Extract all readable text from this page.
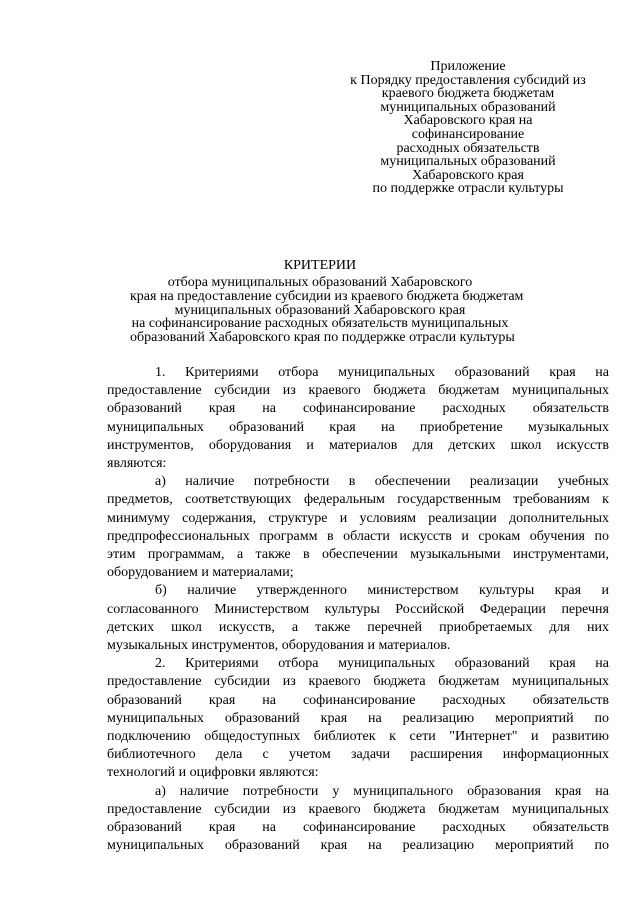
Приложение
к Порядку предоставления субсидий из
краевого бюджета бюджетам
муниципальных образований
Хабаровского края на
софинансирование
расходных обязательств
муниципальных образований
Хабаровского края
по поддержке отрасли культуры
КРИТЕРИИ
отбора муниципальных образований Хабаровского
края на предоставление субсидии из краевого бюджета бюджетам
муниципальных образований Хабаровского края
на софинансирование расходных обязательств муниципальных
образований Хабаровского края по поддержке отрасли культуры

1. Критериями отбора муниципальных образований края на

предоставление субсидии из краевого бюджета бюджетам муниципальных

образований края на софинансирование расходных обязательств

муниципальных образований края на приобретение музыкальных

инструментов, оборудования и материалов для детских школ искусств

являются:

а) наличие потребности в обеспечении реализации учебных

предметов, соответствующих федеральным государственным требованиям к

минимуму содержания, структуре и условиям реализации дополнительных

предпрофессиональных программ в области искусств и срокам обучения по

этим программам, а также в обеспечении музыкальными инструментами,

оборудованием и материалами;

б) наличие утвержденного министерством культуры края и

согласованного Министерством культуры Российской Федерации перечня

детских школ искусств, а также перечней приобретаемых для них

музыкальных инструментов, оборудования и материалов.

2. Критериями отбора муниципальных образований края на

предоставление субсидии из краевого бюджета бюджетам муниципальных

образований края на софинансирование расходных обязательств

муниципальных образований края на реализацию мероприятий по

подключению общедоступных библиотек к сети "Интернет" и развитию

библиотечного дела с учетом задачи расширения информационных

технологий и оцифровки являются:

а) наличие потребности у муниципального образования края на

предоставление субсидии из краевого бюджета бюджетам муниципальных

образований края на софинансирование расходных обязательств

муниципальных образований края на реализацию мероприятий по
